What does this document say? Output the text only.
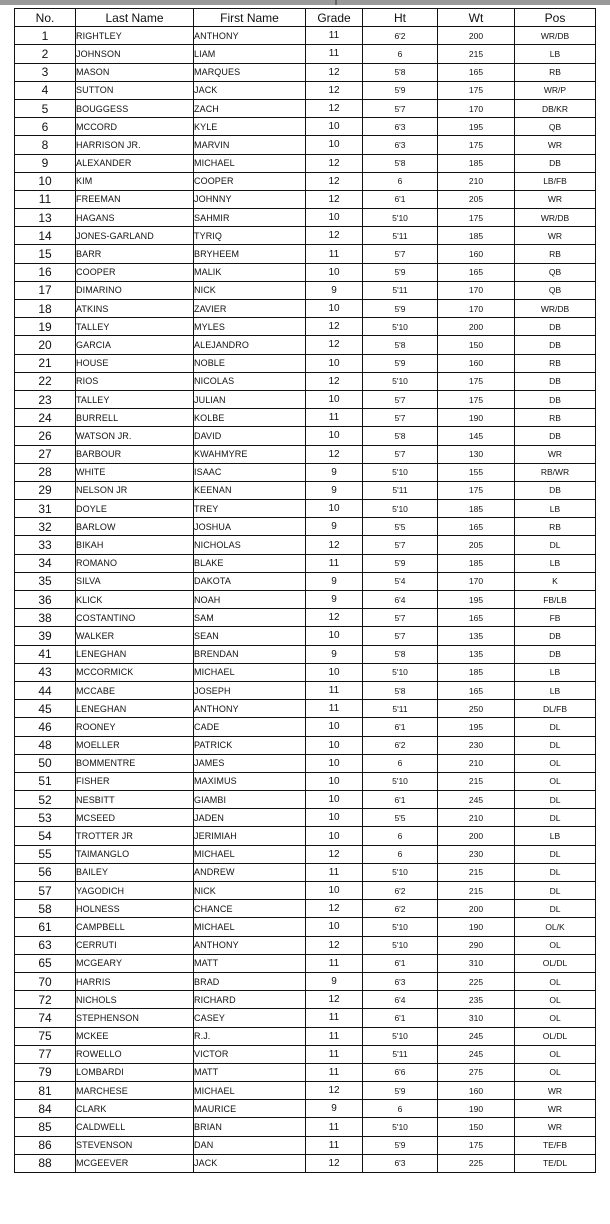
No.	Last Name	First Name	Grade	Ht	Wt	Pos
1	RIGHTLEY	ANTHONY	11	6'2	200	WR/DB
2	JOHNSON	LIAM	11	6	215	LB
3	MASON	MARQUES	12	5'8	165	RB
4	SUTTON	JACK	12	5'9	175	WR/P
5	BOUGGESS	ZACH	12	5'7	170	DB/KR
6	MCCORD	KYLE	10	6'3	195	QB
8	HARRISON JR.	MARVIN	10	6'3	175	WR
9	ALEXANDER	MICHAEL	12	5'8	185	DB
10	KIM	COOPER	12	6	210	LB/FB
11	FREEMAN	JOHNNY	12	6'1	205	WR
13	HAGANS	SAHMIR	10	5'10	175	WR/DB
14	JONES-GARLAND	TYRIQ	12	5'11	185	WR
15	BARR	BRYHEEM	11	5'7	160	RB
16	COOPER	MALIK	10	5'9	165	QB
17	DIMARINO	NICK	9	5'11	170	QB
18	ATKINS	ZAVIER	10	5'9	170	WR/DB
19	TALLEY	MYLES	12	5'10	200	DB
20	GARCIA	ALEJANDRO	12	5'8	150	DB
21	HOUSE	NOBLE	10	5'9	160	RB
22	RIOS	NICOLAS	12	5'10	175	DB
23	TALLEY	JULIAN	10	5'7	175	DB
24	BURRELL	KOLBE	11	5'7	190	RB
26	WATSON JR.	DAVID	10	5'8	145	DB
27	BARBOUR	KWAHMYRE	12	5'7	130	WR
28	WHITE	ISAAC	9	5'10	155	RB/WR
29	NELSON JR	KEENAN	9	5'11	175	DB
31	DOYLE	TREY	10	5'10	185	LB
32	BARLOW	JOSHUA	9	5'5	165	RB
33	BIKAH	NICHOLAS	12	5'7	205	DL
34	ROMANO	BLAKE	11	5'9	185	LB
35	SILVA	DAKOTA	9	5'4	170	K
36	KLICK	NOAH	9	6'4	195	FB/LB
38	COSTANTINO	SAM	12	5'7	165	FB
39	WALKER	SEAN	10	5'7	135	DB
41	LENEGHAN	BRENDAN	9	5'8	135	DB
43	MCCORMICK	MICHAEL	10	5'10	185	LB
44	MCCABE	JOSEPH	11	5'8	165	LB
45	LENEGHAN	ANTHONY	11	5'11	250	DL/FB
46	ROONEY	CADE	10	6'1	195	DL
48	MOELLER	PATRICK	10	6'2	230	DL
50	BOMMENTRE	JAMES	10	6	210	OL
51	FISHER	MAXIMUS	10	5'10	215	OL
52	NESBITT	GIAMBI	10	6'1	245	DL
53	MCSEED	JADEN	10	5'5	210	DL
54	TROTTER JR	JERIMIAH	10	6	200	LB
55	TAIMANGLO	MICHAEL	12	6	230	DL
56	BAILEY	ANDREW	11	5'10	215	DL
57	YAGODICH	NICK	10	6'2	215	DL
58	HOLNESS	CHANCE	12	6'2	200	DL
61	CAMPBELL	MICHAEL	10	5'10	190	OL/K
63	CERRUTI	ANTHONY	12	5'10	290	OL
65	MCGEARY	MATT	11	6'1	310	OL/DL
70	HARRIS	BRAD	9	6'3	225	OL
72	NICHOLS	RICHARD	12	6'4	235	OL
74	STEPHENSON	CASEY	11	6'1	310	OL
75	MCKEE	R.J.	11	5'10	245	OL/DL
77	ROWELLO	VICTOR	11	5'11	245	OL
79	LOMBARDI	MATT	11	6'6	275	OL
81	MARCHESE	MICHAEL	12	5'9	160	WR
84	CLARK	MAURICE	9	6	190	WR
85	CALDWELL	BRIAN	11	5'10	150	WR
86	STEVENSON	DAN	11	5'9	175	TE/FB
88	MCGEEVER	JACK	12	6'3	225	TE/DL
